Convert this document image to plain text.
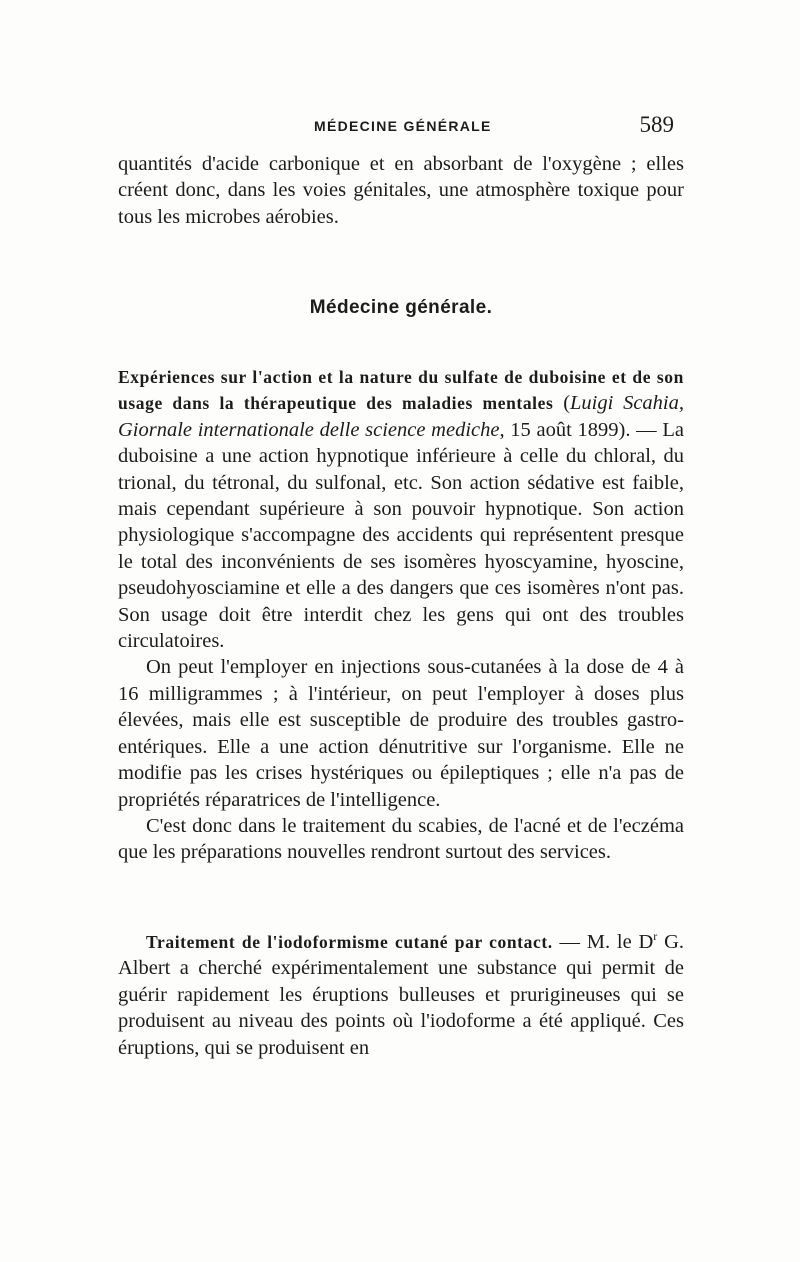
MÉDECINE GÉNÉRALE	589

quantités d'acide carbonique et en absorbant de l'oxygène ; elles créent donc, dans les voies génitales, une atmosphère toxique pour tous les microbes aérobies.

Médecine générale.

Expériences sur l'action et la nature du sulfate de duboisine et de son usage dans la thérapeutique des maladies mentales (Luigi Scahia, Giornale internationale delle science mediche, 15 août 1899). — La duboisine a une action hypnotique inférieure à celle du chloral, du trional, du tétronal, du sulfonal, etc. Son action sédative est faible, mais cependant supérieure à son pouvoir hypnotique. Son action physiologique s'accompagne des accidents qui représentent presque le total des inconvénients de ses isomères hyoscyamine, hyoscine, pseudohyosciamine et elle a des dangers que ces isomères n'ont pas. Son usage doit être interdit chez les gens qui ont des troubles circulatoires.

On peut l'employer en injections sous-cutanées à la dose de 4 à 16 milligrammes ; à l'intérieur, on peut l'employer à doses plus élevées, mais elle est susceptible de produire des troubles gastro-entériques. Elle a une action dénutritive sur l'organisme. Elle ne modifie pas les crises hystériques ou épileptiques ; elle n'a pas de propriétés réparatrices de l'intelligence.

C'est donc dans le traitement du scabies, de l'acné et de l'eczéma que les préparations nouvelles rendront surtout des services.

Traitement de l'iodoformisme cutané par contact. — M. le $D^r$ G. Albert a cherché expérimentalement une substance qui permit de guérir rapidement les éruptions bulleuses et prurigineuses qui se produisent au niveau des points où l'iodoforme a été appliqué. Ces éruptions, qui se produisent en
